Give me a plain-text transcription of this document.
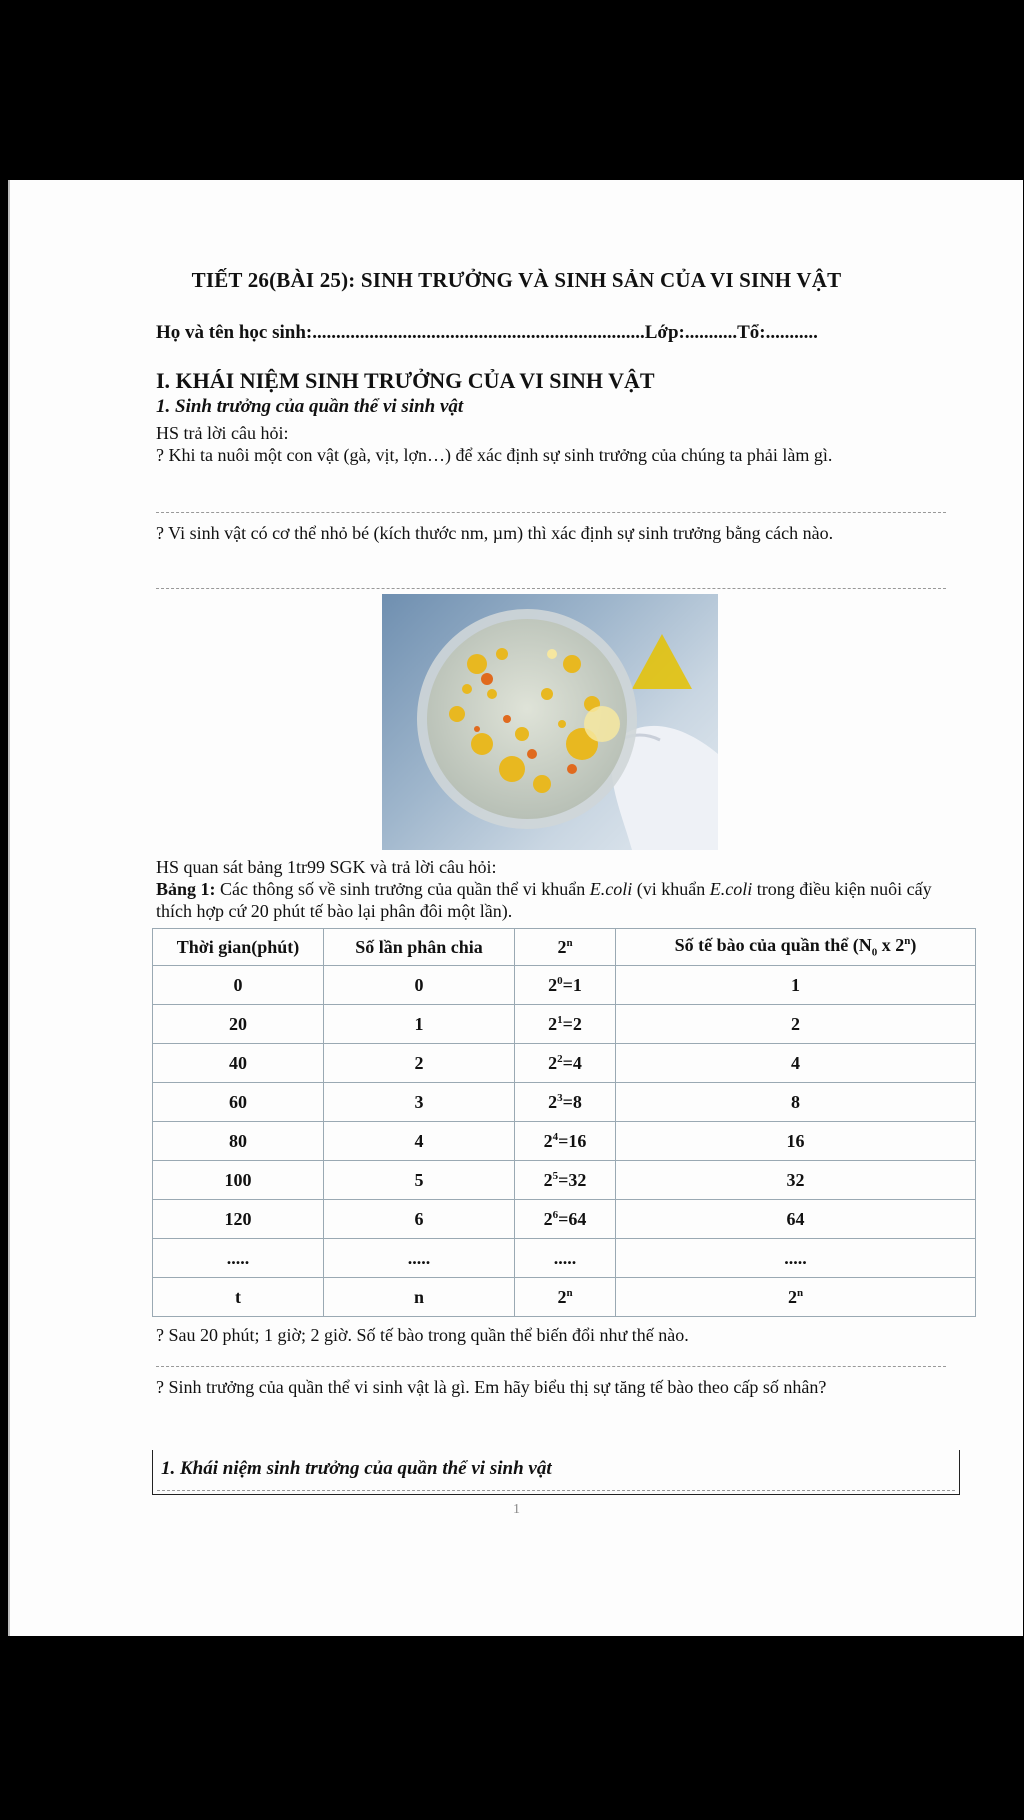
TIẾT 26(BÀI 25): SINH TRƯỞNG VÀ SINH SẢN CỦA VI SINH VẬT
Họ và tên học sinh:......................................................................Lớp:...........Tổ:...........
I. KHÁI NIỆM SINH TRƯỞNG CỦA VI SINH VẬT
1. Sinh trưởng của quần thể vi sinh vật
HS trả lời câu hỏi:
? Khi ta nuôi một con vật (gà, vịt, lợn…) để xác định sự sinh trưởng của chúng ta phải làm gì.
? Vi sinh vật có cơ thể nhỏ bé (kích thước nm, µm) thì xác định sự sinh trưởng bằng cách nào.
HS quan sát bảng 1tr99 SGK và trả lời câu hỏi:
Bảng 1: Các thông số về sinh trưởng của quần thể vi khuẩn E.coli (vi khuẩn E.coli trong điều kiện nuôi cấy thích hợp cứ 20 phút tế bào lại phân đôi một lần).
Thời gian(phút)	Số lần phân chia	2$^n$	Số tế bào của quần thể ($N_0$ x 2$^n$)
0	0	$2^0=1$	1
20	1	$2^1=2$	2
40	2	$2^2=4$	4
60	3	$2^3=8$	8
80	4	$2^4=16$	16
100	5	$2^5=32$	32
120	6	$2^6=64$	64
.....	.....	.....	.....
t	n	2$^n$	2$^n$
? Sau 20 phút; 1 giờ; 2 giờ. Số tế bào trong quần thể biến đổi như thế nào.
? Sinh trưởng của quần thể vi sinh vật là gì. Em hãy biểu thị sự tăng tế bào theo cấp số nhân?
1. Khái niệm sinh trưởng của quần thể vi sinh vật
1
